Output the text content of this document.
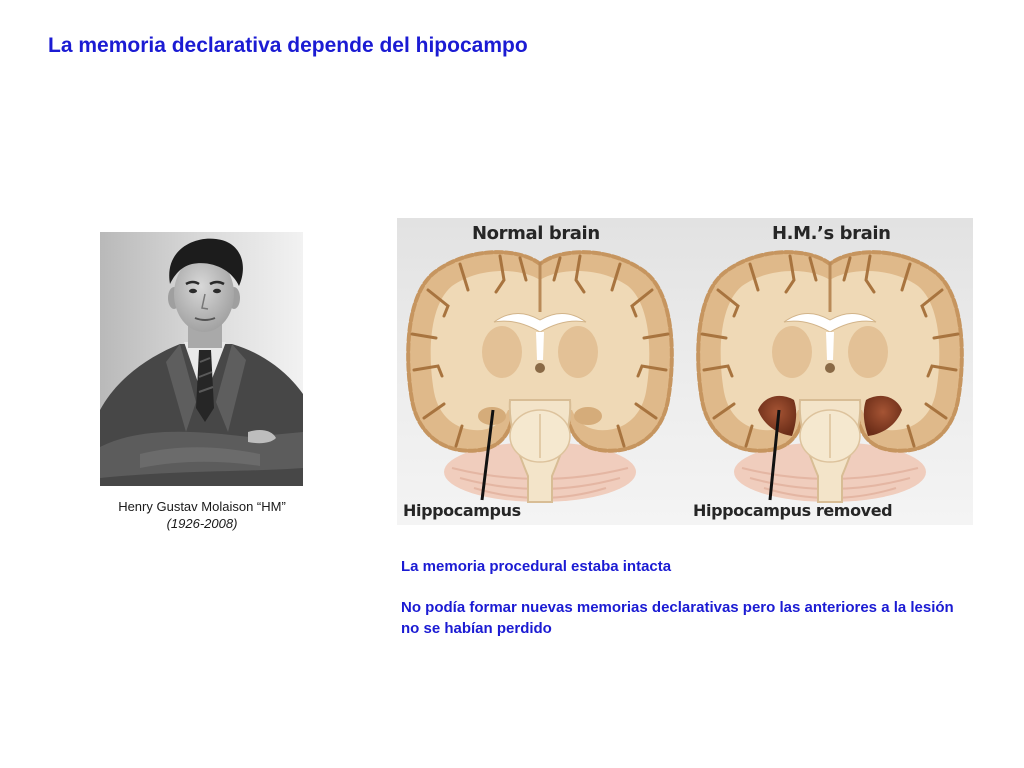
La memoria declarativa depende del hipocampo
Henry Gustav Molaison “HM”
(1926-2008)
Normal brain	H.M.’s brain
Hippocampus	Hippocampus removed
La memoria procedural estaba intacta
No podía formar nuevas memorias declarativas pero las anteriores a la lesión no se habían perdido
